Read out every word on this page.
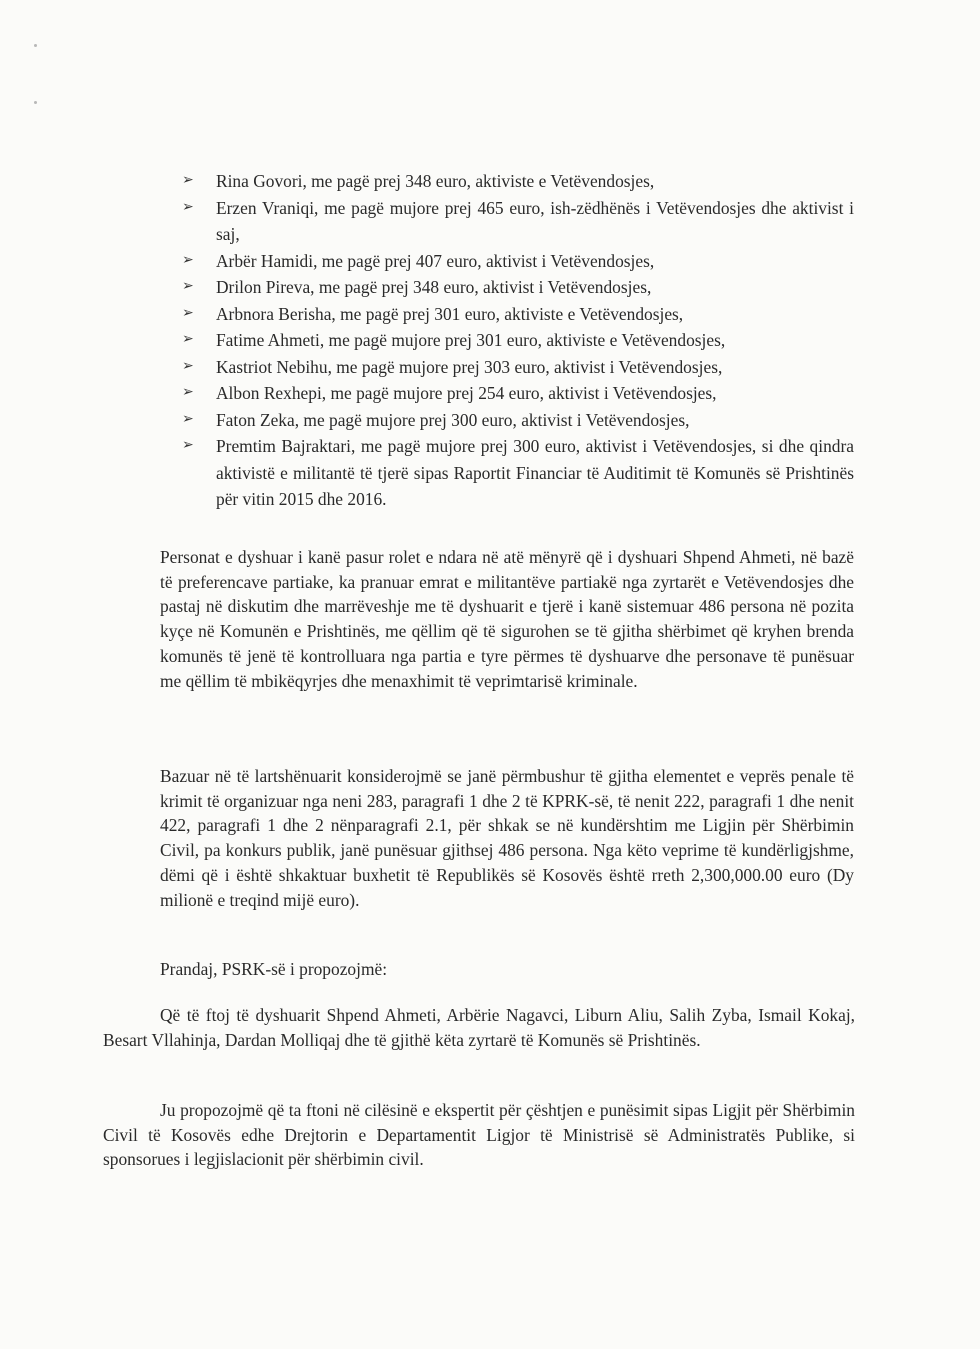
➢ Rina Govori, me pagë prej 348 euro, aktiviste e Vetëvendosjes,
➢ Erzen Vraniqi, me pagë mujore prej 465 euro, ish-zëdhënës i Vetëvendosjes dhe aktivist i saj,
➢ Arbër Hamidi, me pagë prej 407 euro, aktivist i Vetëvendosjes,
➢ Drilon Pireva, me pagë prej 348 euro, aktivist i Vetëvendosjes,
➢ Arbnora Berisha, me pagë prej 301 euro, aktiviste e Vetëvendosjes,
➢ Fatime Ahmeti, me pagë mujore prej 301 euro, aktiviste e Vetëvendosjes,
➢ Kastriot Nebihu, me pagë mujore prej 303 euro, aktivist i Vetëvendosjes,
➢ Albon Rexhepi, me pagë mujore prej 254 euro, aktivist i Vetëvendosjes,
➢ Faton Zeka, me pagë mujore prej 300 euro, aktivist i Vetëvendosjes,
➢ Premtim Bajraktari, me pagë mujore prej 300 euro, aktivist i Vetëvendosjes, si dhe qindra aktivistë e militantë të tjerë sipas Raportit Financiar të Auditimit të Komunës së Prishtinës për vitin 2015 dhe 2016.

Personat e dyshuar i kanë pasur rolet e ndara në atë mënyrë që i dyshuari Shpend Ahmeti, në bazë të preferencave partiake, ka pranuar emrat e militantëve partiakë nga zyrtarët e Vetëvendosjes dhe pastaj në diskutim dhe marrëveshje me të dyshuarit e tjerë i kanë sistemuar 486 persona në pozita kyçe në Komunën e Prishtinës, me qëllim që të sigurohen se të gjitha shërbimet që kryhen brenda komunës të jenë të kontrolluara nga partia e tyre përmes të dyshuarve dhe personave të punësuar me qëllim të mbikëqyrjes dhe menaxhimit të veprimtarisë kriminale.

Bazuar në të lartshënuarit konsiderojmë se janë përmbushur të gjitha elementet e veprës penale të krimit të organizuar nga neni 283, paragrafi 1 dhe 2 të KPRK-së, të nenit 222, paragrafi 1 dhe nenit 422, paragrafi 1 dhe 2 nënparagrafi 2.1, për shkak se në kundërshtim me Ligjin për Shërbimin Civil, pa konkurs publik, janë punësuar gjithsej 486 persona. Nga këto veprime të kundërligjshme, dëmi që i është shkaktuar buxhetit të Republikës së Kosovës është rreth 2,300,000.00 euro (Dy milionë e treqind mijë euro).

Prandaj, PSRK-së i propozojmë:

Që të ftoj të dyshuarit Shpend Ahmeti, Arbërie Nagavci, Liburn Aliu, Salih Zyba, Ismail Kokaj, Besart Vllahinja, Dardan Molliqaj dhe të gjithë këta zyrtarë të Komunës së Prishtinës.

Ju propozojmë që ta ftoni në cilësinë e ekspertit për çështjen e punësimit sipas Ligjit për Shërbimin Civil të Kosovës edhe Drejtorin e Departamentit Ligjor të Ministrisë së Administratës Publike, si sponsorues i legjislacionit për shërbimin civil.
